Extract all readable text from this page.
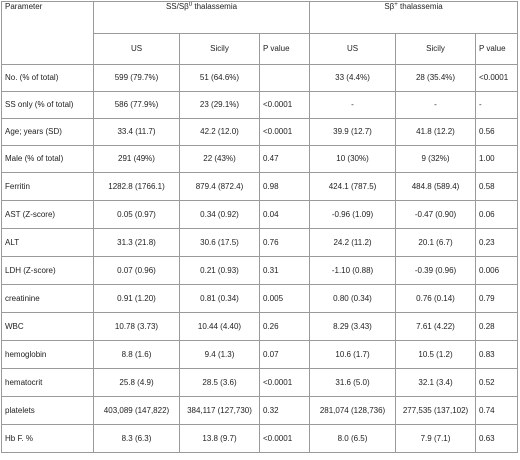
Parameter	$SS/S\beta^0$ thalassemia			Sβ+ thalassemia		
	US	Sicily	P value	US	Sicily	P value
No. (% of total)	599 (79.7%)	51 (64.6%)		33 (4.4%)	28 (35.4%)	<0.0001
SS only (% of total)	586 (77.9%)	23 (29.1%)	<0.0001	-	-	-
Age; years (SD)	33.4 (11.7)	42.2 (12.0)	<0.0001	39.9 (12.7)	41.8 (12.2)	0.56
Male (% of total)	291 (49%)	22 (43%)	0.47	10 (30%)	9 (32%)	1.00
Ferritin	1282.8 (1766.1)	879.4 (872.4)	0.98	424.1 (787.5)	484.8 (589.4)	0.58
AST (Z-score)	0.05 (0.97)	0.34 (0.92)	0.04	-0.96 (1.09)	-0.47 (0.90)	0.06
ALT	31.3 (21.8)	30.6 (17.5)	0.76	24.2 (11.2)	20.1 (6.7)	0.23
LDH (Z-score)	0.07 (0.96)	0.21 (0.93)	0.31	-1.10 (0.88)	-0.39 (0.96)	0.006
creatinine	0.91 (1.20)	0.81 (0.34)	0.005	0.80 (0.34)	0.76 (0.14)	0.79
WBC	10.78 (3.73)	10.44 (4.40)	0.26	8.29 (3.43)	7.61 (4.22)	0.28
hemoglobin	8.8 (1.6)	9.4 (1.3)	0.07	10.6 (1.7)	10.5 (1.2)	0.83
hematocrit	25.8 (4.9)	28.5 (3.6)	<0.0001	31.6 (5.0)	32.1 (3.4)	0.52
platelets	403,089 (147,822)	384,117 (127,730)	0.32	281,074 (128,736)	277,535 (137,102)	0.74
Hb F. %	8.3 (6.3)	13.8 (9.7)	<0.0001	8.0 (6.5)	7.9 (7.1)	0.63
